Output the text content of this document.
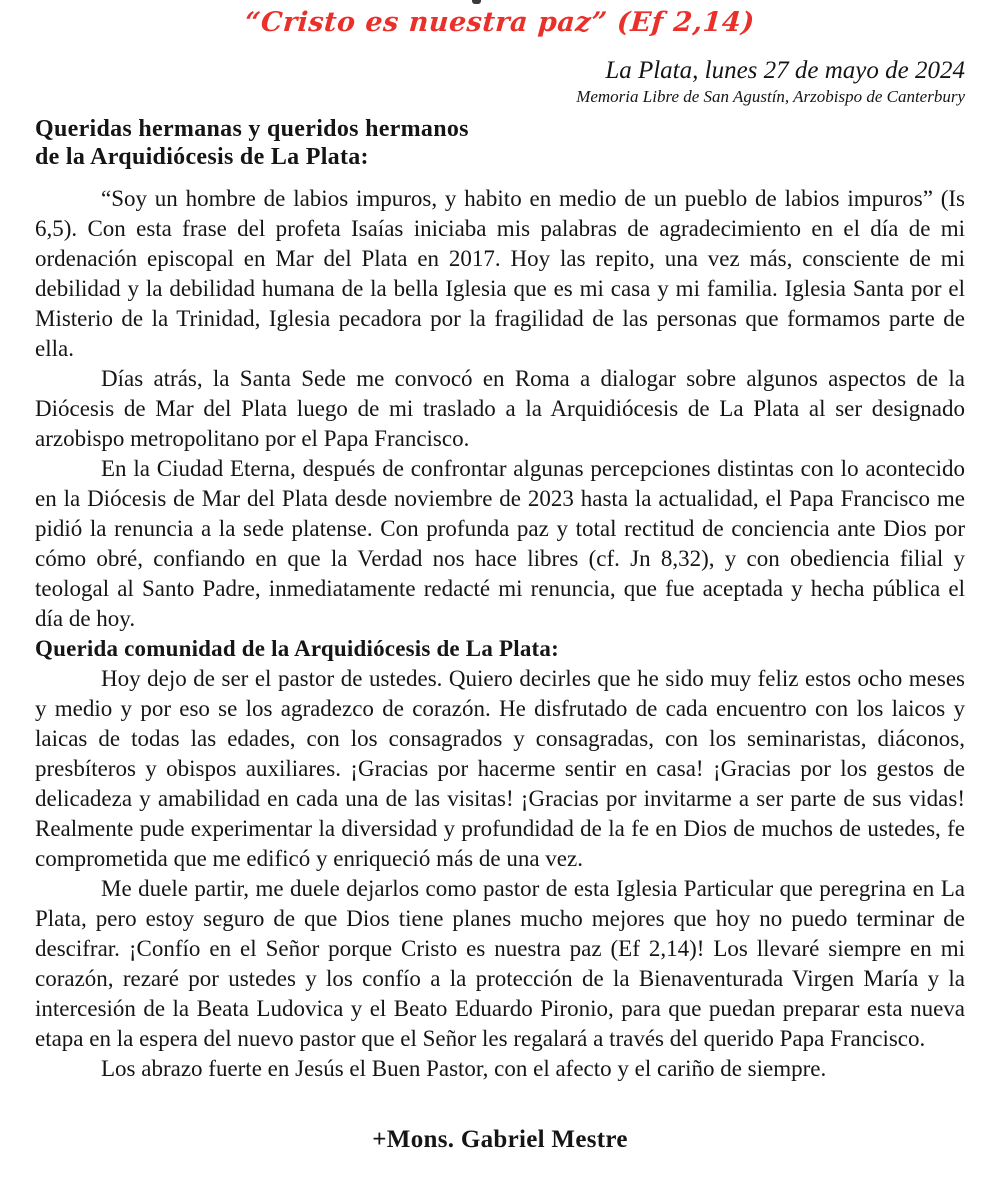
“Cristo es nuestra paz” (Ef 2,14)
La Plata, lunes 27 de mayo de 2024
Memoria Libre de San Agustín, Arzobispo de Canterbury
Queridas hermanas y queridos hermanos
de la Arquidiócesis de La Plata:

“Soy un hombre de labios impuros, y habito en medio de un pueblo de labios impuros” (Is 6,5). Con esta frase del profeta Isaías iniciaba mis palabras de agradecimiento en el día de mi ordenación episcopal en Mar del Plata en 2017. Hoy las repito, una vez más, consciente de mi debilidad y la debilidad humana de la bella Iglesia que es mi casa y mi familia. Iglesia Santa por el Misterio de la Trinidad, Iglesia pecadora por la fragilidad de las personas que formamos parte de ella.

Días atrás, la Santa Sede me convocó en Roma a dialogar sobre algunos aspectos de la Diócesis de Mar del Plata luego de mi traslado a la Arquidiócesis de La Plata al ser designado arzobispo metropolitano por el Papa Francisco.

En la Ciudad Eterna, después de confrontar algunas percepciones distintas con lo acontecido en la Diócesis de Mar del Plata desde noviembre de 2023 hasta la actualidad, el Papa Francisco me pidió la renuncia a la sede platense. Con profunda paz y total rectitud de conciencia ante Dios por cómo obré, confiando en que la Verdad nos hace libres (cf. Jn 8,32), y con obediencia filial y teologal al Santo Padre, inmediatamente redacté mi renuncia, que fue aceptada y hecha pública el día de hoy.

Querida comunidad de la Arquidiócesis de La Plata:

Hoy dejo de ser el pastor de ustedes. Quiero decirles que he sido muy feliz estos ocho meses y medio y por eso se los agradezco de corazón. He disfrutado de cada encuentro con los laicos y laicas de todas las edades, con los consagrados y consagradas, con los seminaristas, diáconos, presbíteros y obispos auxiliares. ¡Gracias por hacerme sentir en casa! ¡Gracias por los gestos de delicadeza y amabilidad en cada una de las visitas! ¡Gracias por invitarme a ser parte de sus vidas! Realmente pude experimentar la diversidad y profundidad de la fe en Dios de muchos de ustedes, fe comprometida que me edificó y enriqueció más de una vez.

Me duele partir, me duele dejarlos como pastor de esta Iglesia Particular que peregrina en La Plata, pero estoy seguro de que Dios tiene planes mucho mejores que hoy no puedo terminar de descifrar. ¡Confío en el Señor porque Cristo es nuestra paz (Ef 2,14)! Los llevaré siempre en mi corazón, rezaré por ustedes y los confío a la protección de la Bienaventurada Virgen María y la intercesión de la Beata Ludovica y el Beato Eduardo Pironio, para que puedan preparar esta nueva etapa en la espera del nuevo pastor que el Señor les regalará a través del querido Papa Francisco.

Los abrazo fuerte en Jesús el Buen Pastor, con el afecto y el cariño de siempre.

+Mons. Gabriel Mestre
